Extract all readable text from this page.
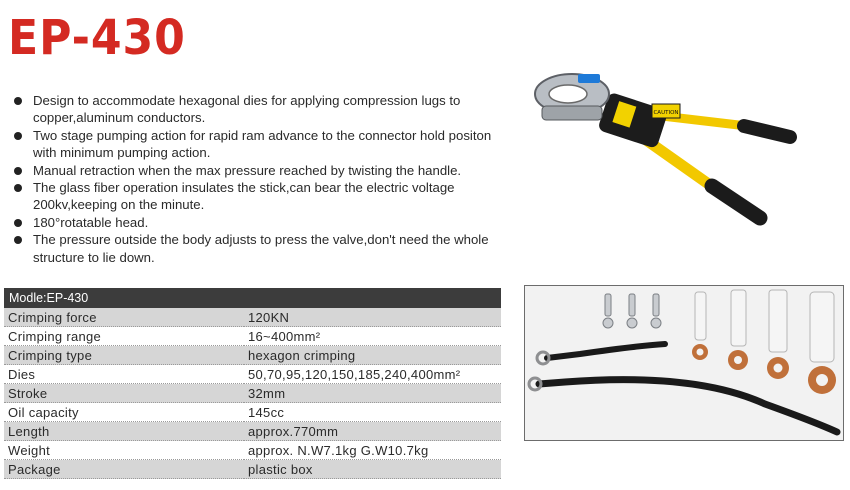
EP-430
Design to accommodate hexagonal dies for applying compression lugs to copper,aluminum conductors.
Two stage pumping action for rapid ram advance to the connector hold positon with minimum pumping action.
Manual retraction when the max pressure reached by twisting the handle.
The glass fiber operation insulates the stick,can bear the electric voltage 200kv,keeping on the minute.
180°rotatable head.
The pressure outside the body adjusts to press the valve,don't need the whole structure to lie down.
CAUTION
Modle:EP-430	
Crimping force	120KN
Crimping range	16~400mm²
Crimping type	hexagon crimping
Dies	50,70,95,120,150,185,240,400mm²
Stroke	32mm
Oil capacity	145cc
Length	approx.770mm
Weight	approx. N.W7.1kg G.W10.7kg
Package	plastic box
